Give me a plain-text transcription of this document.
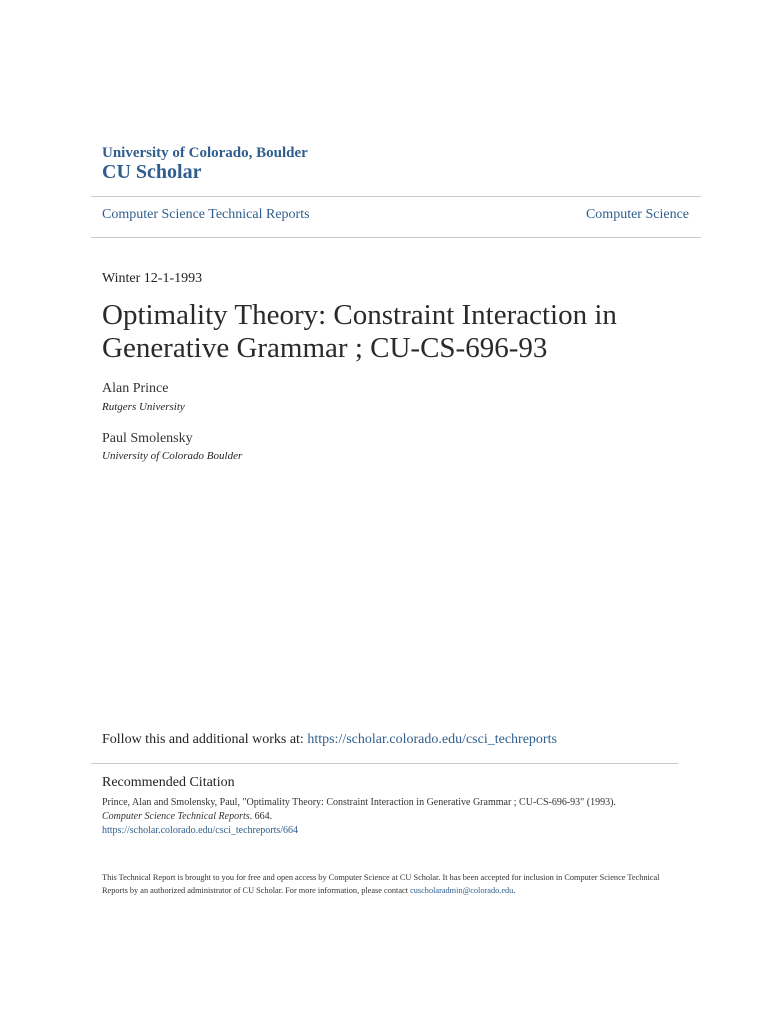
University of Colorado, Boulder
CU Scholar
Computer Science Technical Reports	Computer Science
Winter 12-1-1993
Optimality Theory: Constraint Interaction in Generative Grammar ; CU-CS-696-93
Alan Prince
Rutgers University
Paul Smolensky
University of Colorado Boulder
Follow this and additional works at: https://scholar.colorado.edu/csci_techreports
Recommended Citation
Prince, Alan and Smolensky, Paul, "Optimality Theory: Constraint Interaction in Generative Grammar ; CU-CS-696-93" (1993).
Computer Science Technical Reports. 664.
https://scholar.colorado.edu/csci_techreports/664
This Technical Report is brought to you for free and open access by Computer Science at CU Scholar. It has been accepted for inclusion in Computer Science Technical Reports by an authorized administrator of CU Scholar. For more information, please contact cuscholaradmin@colorado.edu.
